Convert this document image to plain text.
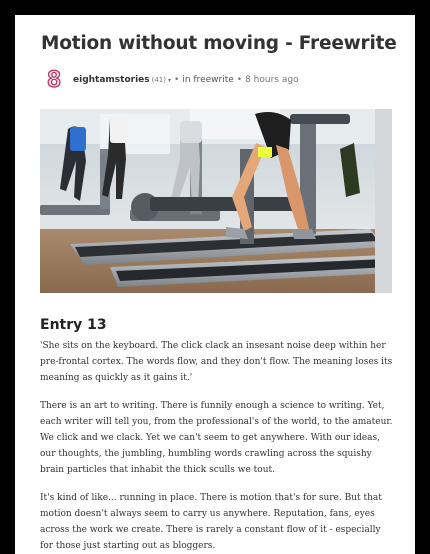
Motion without moving - Freewrite
8	eightamstories (41) ▾ • in freewrite • 8 hours ago
Entry 13

'She sits on the keyboard. The click clack an insesant noise deep within her pre-frontal cortex. The words flow, and they don't flow. The meaning loses its meaning as quickly as it gains it.'

There is an art to writing. There is funnily enough a science to writing. Yet, each writer will tell you, from the professional's of the world, to the amateur. We click and we clack. Yet we can't seem to get anywhere. With our ideas, our thoughts, the jumbling, humbling words crawling across the squishy brain particles that inhabit the thick sculls we tout.

It's kind of like... running in place. There is motion that's for sure. But that motion doesn't always seem to carry us anywhere. Reputation, fans, eyes across the work we create. There is rarely a constant flow of it - especially for those just starting out as bloggers.
